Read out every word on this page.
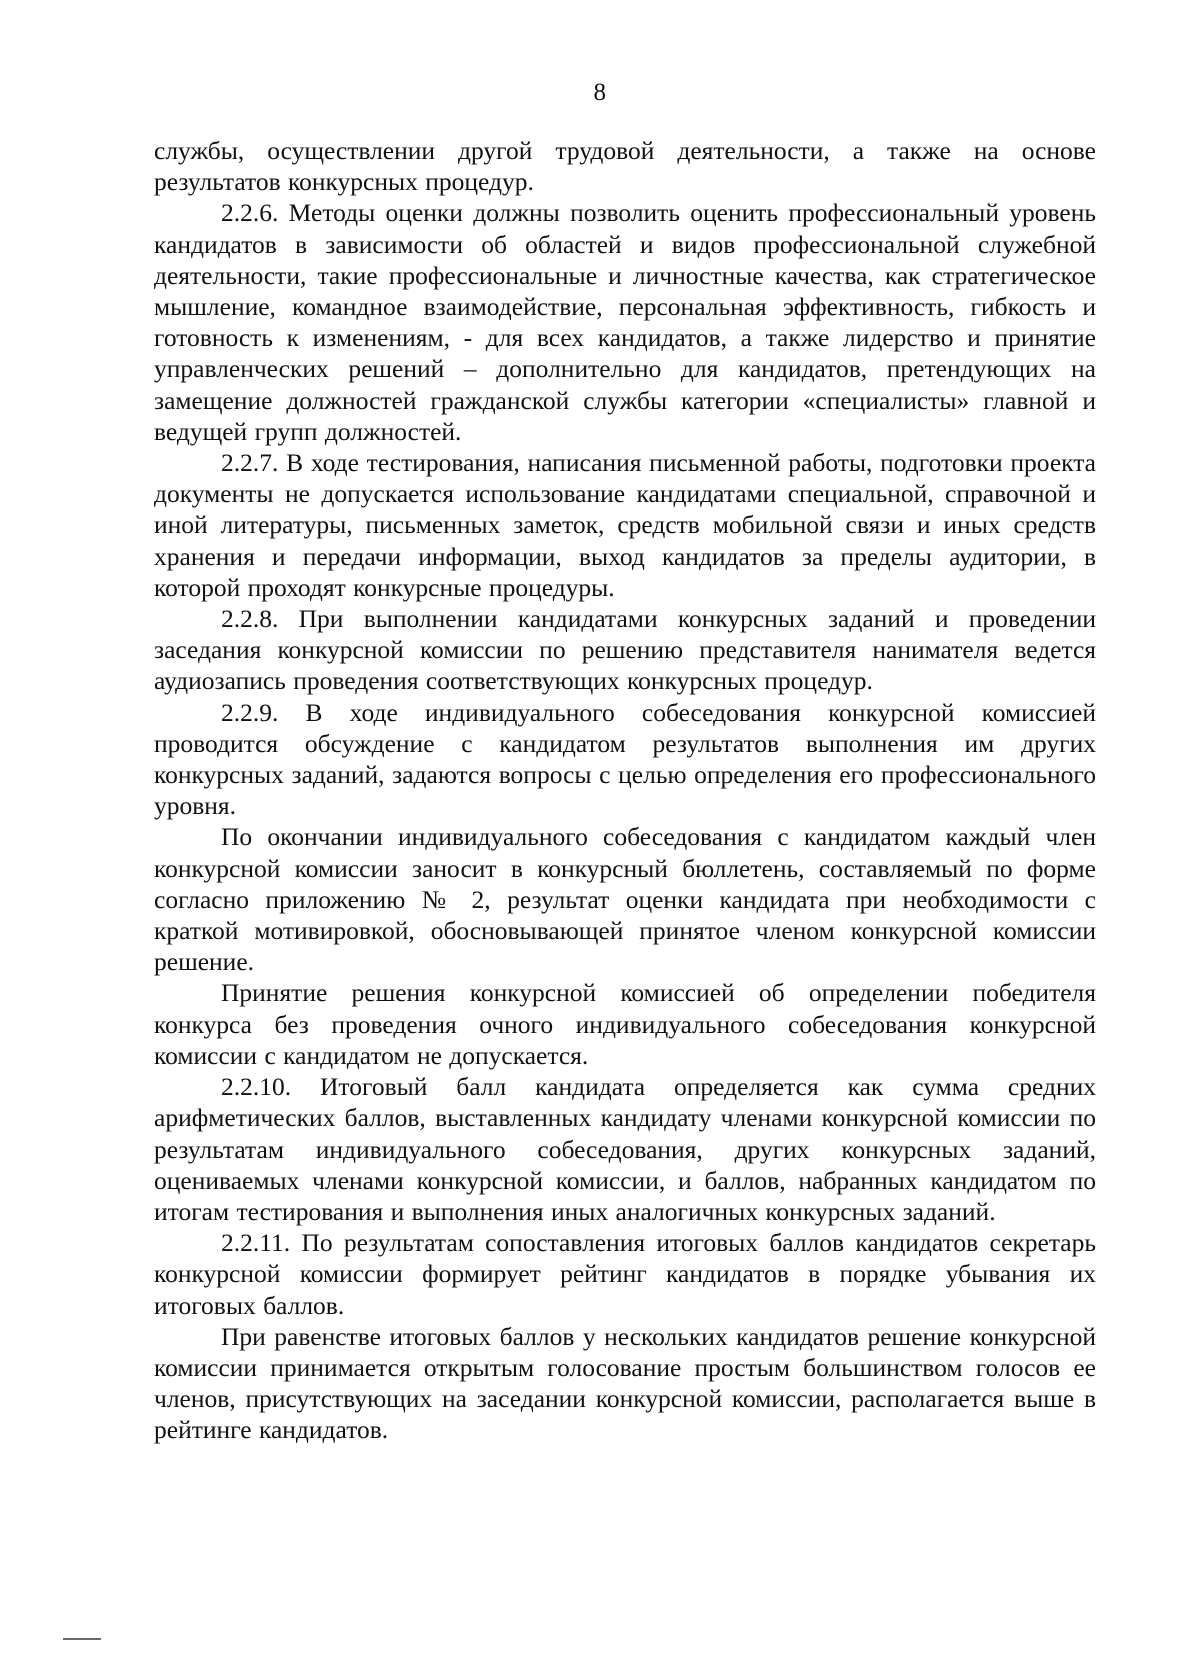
8

службы, осуществлении другой трудовой деятельности, а также на основе результатов конкурсных процедур.

2.2.6. Методы оценки должны позволить оценить профессиональный уровень кандидатов в зависимости об областей и видов профессиональной служебной деятельности, такие профессиональные и личностные качества, как стратегическое мышление, командное взаимодействие, персональная эффективность, гибкость и готовность к изменениям, - для всех кандидатов, а также лидерство и принятие управленческих решений – дополнительно для кандидатов, претендующих на замещение должностей гражданской службы категории «специалисты» главной и ведущей групп должностей.

2.2.7. В ходе тестирования, написания письменной работы, подготовки проекта документы не допускается использование кандидатами специальной, справочной и иной литературы, письменных заметок, средств мобильной связи и иных средств хранения и передачи информации, выход кандидатов за пределы аудитории, в которой проходят конкурсные процедуры.

2.2.8. При выполнении кандидатами конкурсных заданий и проведении заседания конкурсной комиссии по решению представителя нанимателя ведется аудиозапись проведения соответствующих конкурсных процедур.

2.2.9. В ходе индивидуального собеседования конкурсной комиссией проводится обсуждение с кандидатом результатов выполнения им других конкурсных заданий, задаются вопросы с целью определения его профессионального уровня.

По окончании индивидуального собеседования с кандидатом каждый член конкурсной комиссии заносит в конкурсный бюллетень, составляемый по форме согласно приложению № 2, результат оценки кандидата при необходимости с краткой мотивировкой, обосновывающей принятое членом конкурсной комиссии решение.

Принятие решения конкурсной комиссией об определении победителя конкурса без проведения очного индивидуального собеседования конкурсной комиссии с кандидатом не допускается.

2.2.10. Итоговый балл кандидата определяется как сумма средних арифметических баллов, выставленных кандидату членами конкурсной комиссии по результатам индивидуального собеседования, других конкурсных заданий, оцениваемых членами конкурсной комиссии, и баллов, набранных кандидатом по итогам тестирования и выполнения иных аналогичных конкурсных заданий.

2.2.11. По результатам сопоставления итоговых баллов кандидатов секретарь конкурсной комиссии формирует рейтинг кандидатов в порядке убывания их итоговых баллов.

При равенстве итоговых баллов у нескольких кандидатов решение конкурсной комиссии принимается открытым голосование простым большинством голосов ее членов, присутствующих на заседании конкурсной комиссии, располагается выше в рейтинге кандидатов.
